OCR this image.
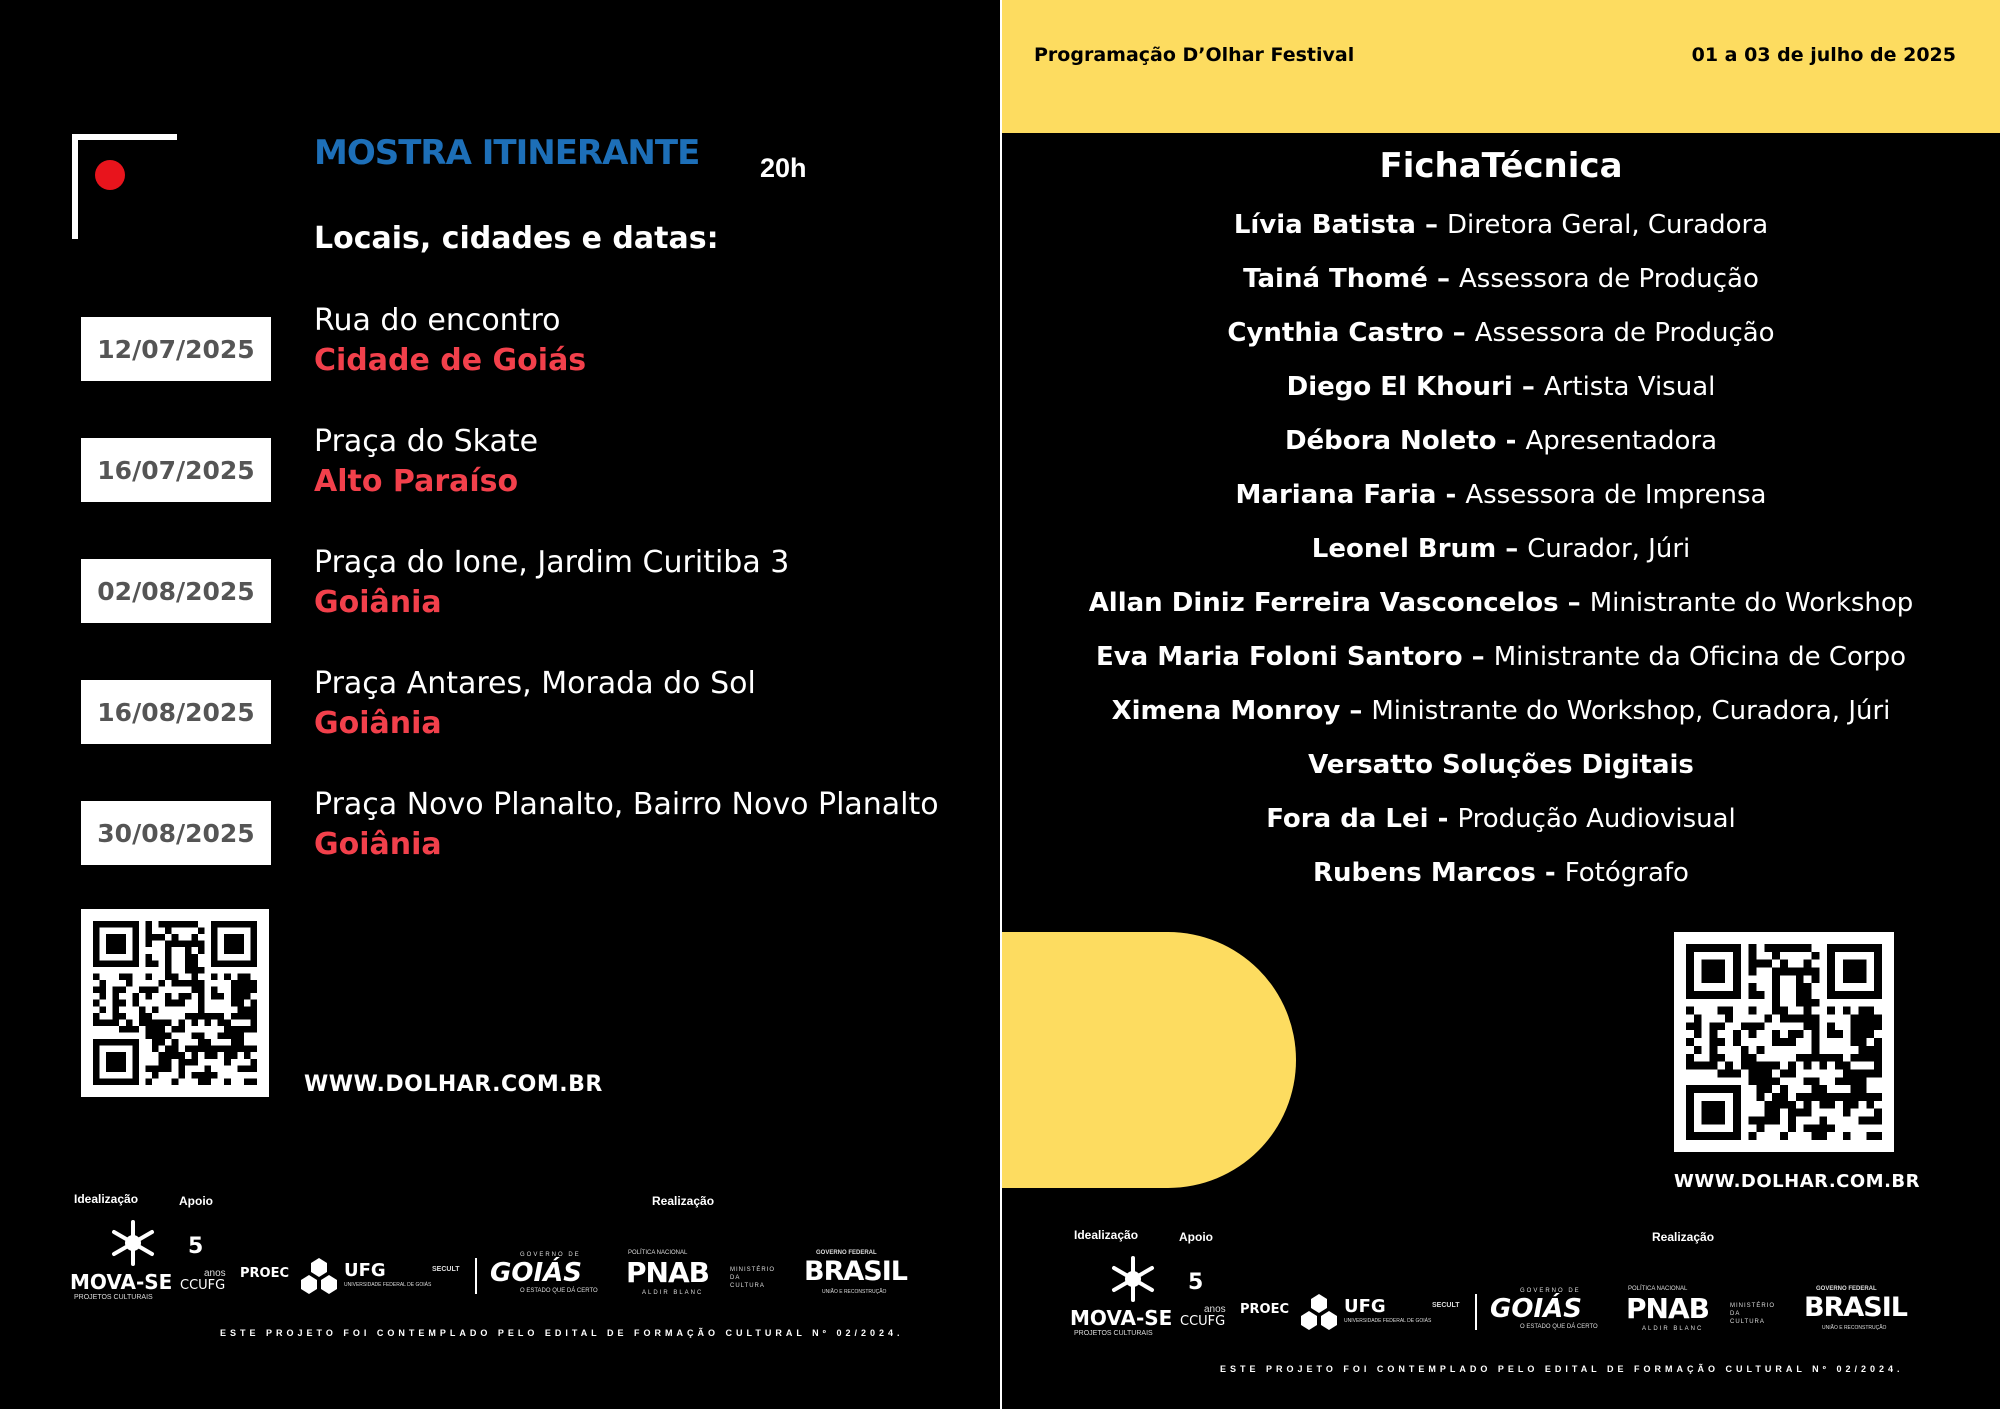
MOSTRA ITINERANTE 20h
Locais, cidades e datas:
12/07/2025
Rua do encontro
Cidade de Goiás
16/07/2025
Praça do Skate
Alto Paraíso
02/08/2025
Praça do Ione, Jardim Curitiba 3
Goiânia
16/08/2025
Praça Antares, Morada do Sol
Goiânia
30/08/2025
Praça Novo Planalto, Bairro Novo Planalto
Goiânia
WWW.DOLHAR.COM.BR
Idealização	Apoio	Realização
MOVA-SE
PROJETOS CULTURAIS
5
anos
CCUFG
PROEC	UFG
UNIVERSIDADE FEDERAL DE GOIÁS
SECULT
GOVERNO DE
GOIÁS
O ESTADO QUE DÁ CERTO
POLÍTICA NACIONAL
PNAB
ALDIR BLANC
MINISTÉRIO DA CULTURA
GOVERNO FEDERAL
BRASIL
UNIÃO E RECONSTRUÇÃO
ESTE PROJETO FOI CONTEMPLADO PELO EDITAL DE FORMAÇÃO CULTURAL Nº 02/2024.
Programação D’Olhar Festival	01 a 03 de julho de 2025
FichaTécnica
Lívia Batista – Diretora Geral, Curadora
Tainá Thomé – Assessora de Produção
Cynthia Castro – Assessora de Produção
Diego El Khouri – Artista Visual
Débora Noleto - Apresentadora
Mariana Faria - Assessora de Imprensa
Leonel Brum – Curador, Júri
Allan Diniz Ferreira Vasconcelos – Ministrante do Workshop
Eva Maria Foloni Santoro – Ministrante da Oficina de Corpo
Ximena Monroy – Ministrante do Workshop, Curadora, Júri
Versatto Soluções Digitais
Fora da Lei - Produção Audiovisual
Rubens Marcos - Fotógrafo
WWW.DOLHAR.COM.BR
Idealização	Apoio	Realização
MOVA-SE
PROJETOS CULTURAIS
5
anos
CCUFG
PROEC	UFG
UNIVERSIDADE FEDERAL DE GOIÁS
SECULT
GOVERNO DE
GOIÁS
O ESTADO QUE DÁ CERTO
POLÍTICA NACIONAL
PNAB
ALDIR BLANC
MINISTÉRIO DA CULTURA
GOVERNO FEDERAL
BRASIL
UNIÃO E RECONSTRUÇÃO
ESTE PROJETO FOI CONTEMPLADO PELO EDITAL DE FORMAÇÃO CULTURAL Nº 02/2024.
